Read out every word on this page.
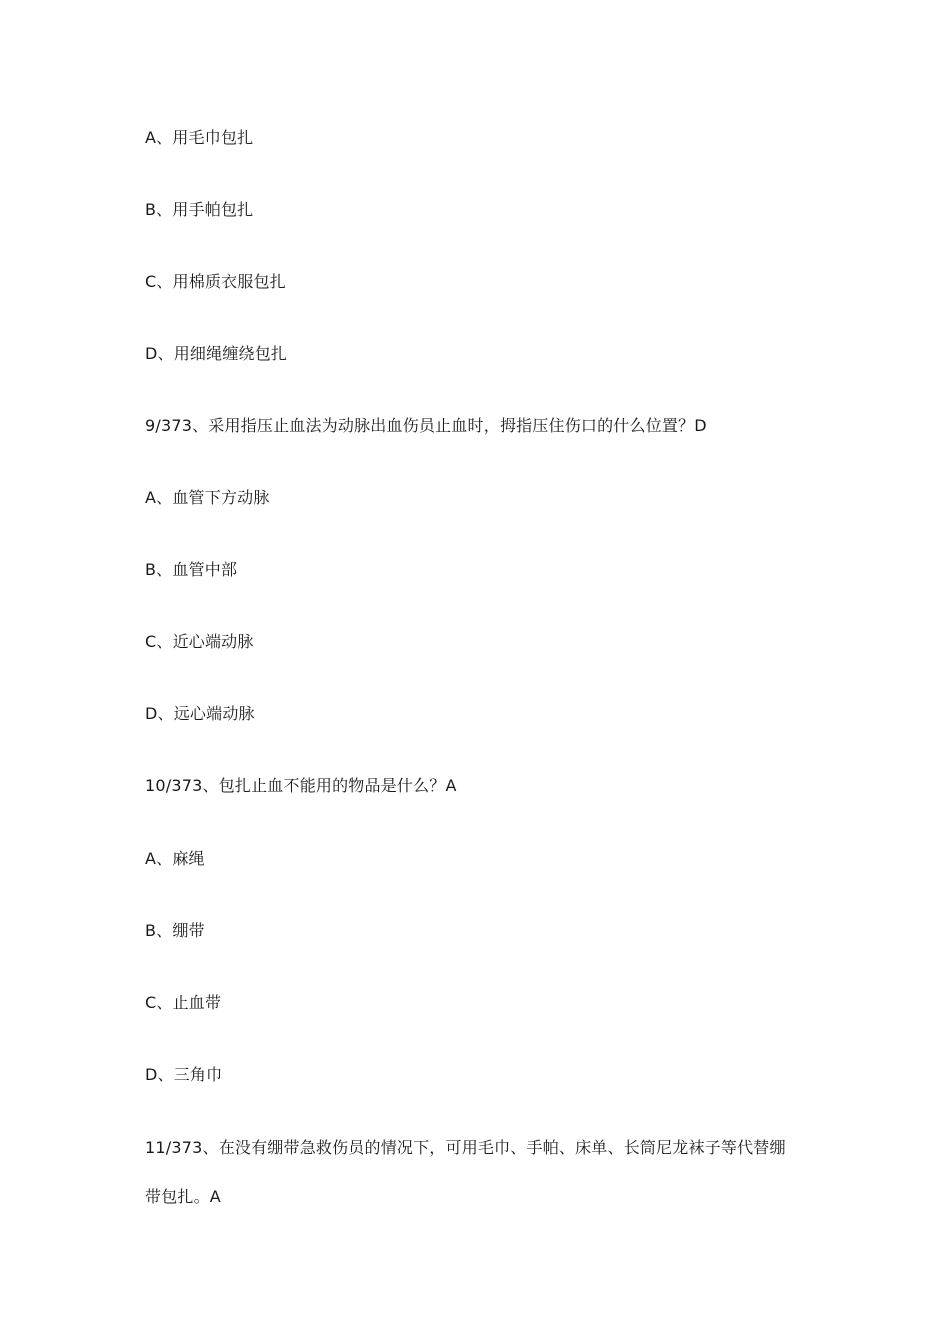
A、用毛巾包扎
B、用手帕包扎
C、用棉质衣服包扎
D、用细绳缠绕包扎
9/373、采用指压止血法为动脉出血伤员止血时，拇指压住伤口的什么位置？D
A、血管下方动脉
B、血管中部
C、近心端动脉
D、远心端动脉
10/373、包扎止血不能用的物品是什么？A
A、麻绳
B、绷带
C、止血带
D、三角巾
11/373、在没有绷带急救伤员的情况下，可用毛巾、手帕、床单、长筒尼龙袜子等代替绷
带包扎。A
